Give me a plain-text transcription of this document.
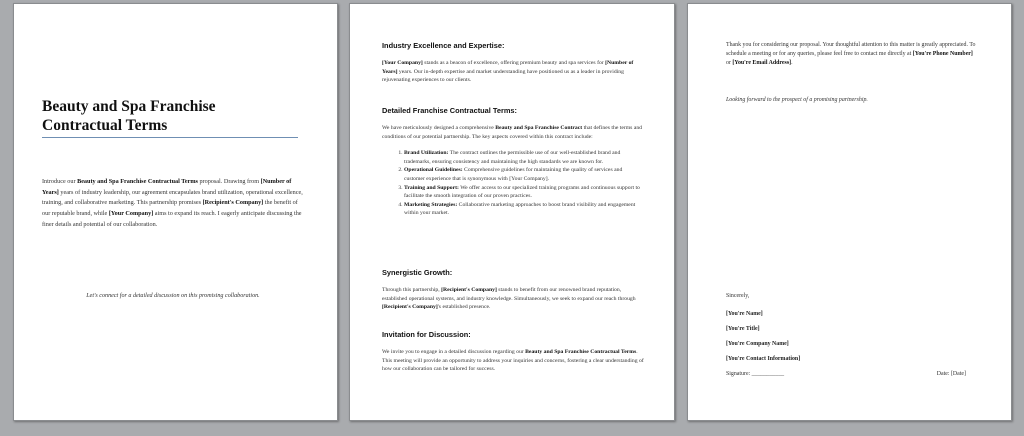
Beauty and Spa Franchise
Contractual Terms

Introduce our Beauty and Spa Franchise Contractual Terms proposal. Drawing from [Number of Years] years of industry leadership, our agreement encapsulates brand utilization, operational excellence, training, and collaborative marketing. This partnership promises [Recipient's Company] the benefit of our reputable brand, while [Your Company] aims to expand its reach. I eagerly anticipate discussing the finer details and potential of our collaboration.

Let's connect for a detailed discussion on this promising collaboration.
Industry Excellence and Expertise:

[Your Company] stands as a beacon of excellence, offering premium beauty and spa services for [Number of Years] years. Our in-depth expertise and market understanding have positioned us as a leader in providing rejuvenating experiences to our clients.

Detailed Franchise Contractual Terms:

We have meticulously designed a comprehensive Beauty and Spa Franchise Contract that defines the terms and conditions of our potential partnership. The key aspects covered within this contract include:

1. Brand Utilization: The contract outlines the permissible use of our well-established brand and trademarks, ensuring consistency and maintaining the high standards we are known for.
2. Operational Guidelines: Comprehensive guidelines for maintaining the quality of services and customer experience that is synonymous with [Your Company].
3. Training and Support: We offer access to our specialized training programs and continuous support to facilitate the smooth integration of our proven practices.
4. Marketing Strategies: Collaborative marketing approaches to boost brand visibility and engagement within your market.
Synergistic Growth:

Through this partnership, [Recipient's Company] stands to benefit from our renowned brand reputation, established operational systems, and industry knowledge. Simultaneously, we seek to expand our reach through [Recipient's Company]'s established presence.

Invitation for Discussion:

We invite you to engage in a detailed discussion regarding our Beauty and Spa Franchise Contractual Terms. This meeting will provide an opportunity to address your inquiries and concerns, fostering a clear understanding of how our collaboration can be tailored for success.

Thank you for considering our proposal. Your thoughtful attention to this matter is greatly appreciated. To schedule a meeting or for any queries, please feel free to contact me directly at [You're Phone Number] or [You're Email Address].

Looking forward to the prospect of a promising partnership.
Sincerely,
[You're Name]
[You're Title]
[You're Company Name]
[You're Contact Information]
Signature: ___________	Date: [Date]
